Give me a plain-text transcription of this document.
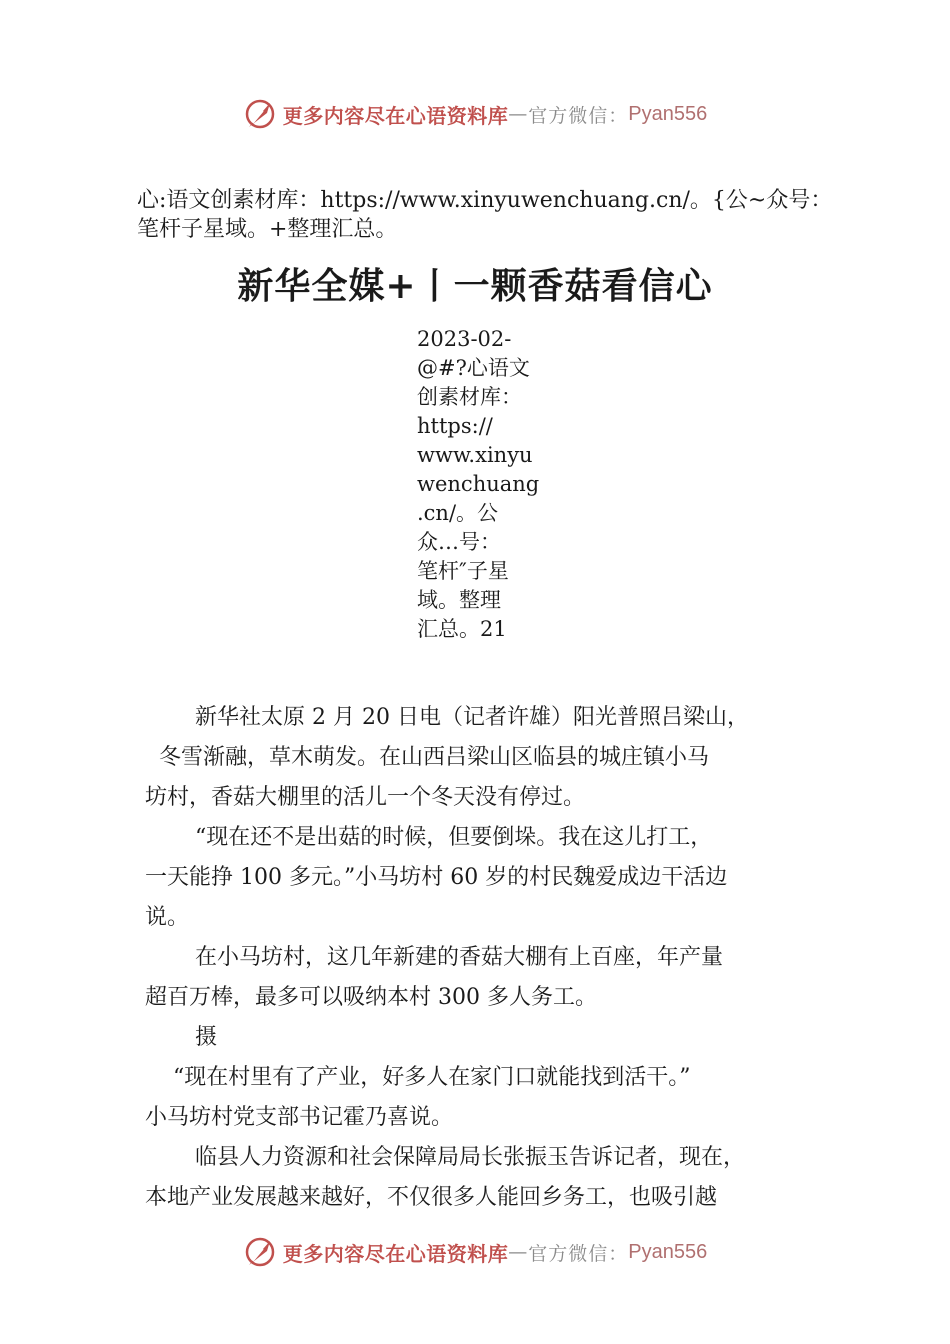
更多内容尽在心语资料库 — 官方微信： Pyan556
心:语文创素材库：https://www.xinyuwenchuang.cn/。{公~众号：笔杆子星域。+整理汇总。
新华全媒+丨一颗香菇看信心
2023-02-
@#?心语文
创素材库：
https://
www.xinyu
wenchuang
.cn/。公
众…号：
笔杆″子星
域。整理
汇总。21

新华社太原 2 月 20 日电（记者许雄）阳光普照吕梁山，

冬雪渐融，草木萌发。在山西吕梁山区临县的城庄镇小马

坊村，香菇大棚里的活儿一个冬天没有停过。

“现在还不是出菇的时候，但要倒垛。我在这儿打工，

一天能挣 100 多元。”小马坊村 60 岁的村民魏爱成边干活边

说。

在小马坊村，这几年新建的香菇大棚有上百座，年产量

超百万棒，最多可以吸纳本村 300 多人务工。

摄

“现在村里有了产业，好多人在家门口就能找到活干。”

小马坊村党支部书记霍乃喜说。

临县人力资源和社会保障局局长张振玉告诉记者，现在，

本地产业发展越来越好，不仅很多人能回乡务工，也吸引越

更多内容尽在心语资料库 — 官方微信： Pyan556
